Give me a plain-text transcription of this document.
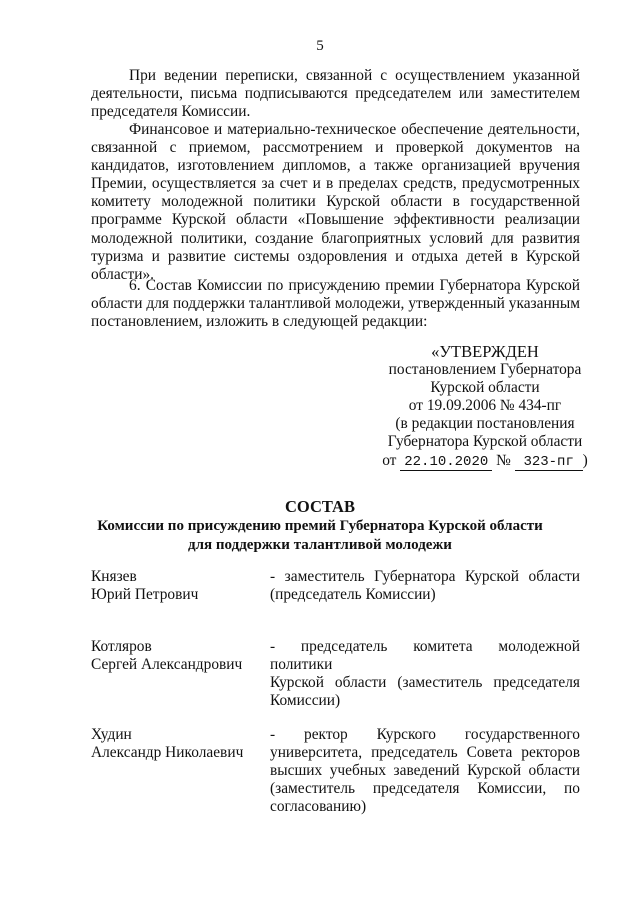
5

При ведении переписки, связанной с осуществлением указанной деятельности, письма подписываются председателем или заместителем председателя Комиссии.

Финансовое и материально-техническое обеспечение деятельности, связанной с приемом, рассмотрением и проверкой документов на кандидатов, изготовлением дипломов, а также организацией вручения Премии, осуществляется за счет и в пределах средств, предусмотренных комитету молодежной политики Курской области в государственной программе Курской области «Повышение эффективности реализации молодежной политики, создание благоприятных условий для развития туризма и развитие системы оздоровления и отдыха детей в Курской области».

6. Состав Комиссии по присуждению премии Губернатора Курской области для поддержки талантливой молодежи, утвержденный указанным постановлением, изложить в следующей редакции:

«УТВЕРЖДЕН
постановлением Губернатора
Курской области
от 19.09.2006 № 434-пг
(в редакции постановления
Губернатора Курской области
от 22.10.2020 № 323-пг )
СОСТАВ
Комиссии по присуждению премий Губернатора Курской области
для поддержки талантливой молодежи
Князев
Юрий Петрович
- заместитель Губернатора Курской области
(председатель Комиссии)
Котляров
Сергей Александрович
- председатель комитета молодежной политики
Курской области (заместитель председателя
Комиссии)
Худин
Александр Николаевич
- ректор Курского государственного
университета, председатель Совета ректоров
высших учебных заведений Курской области
(заместитель председателя Комиссии, по
согласованию)
